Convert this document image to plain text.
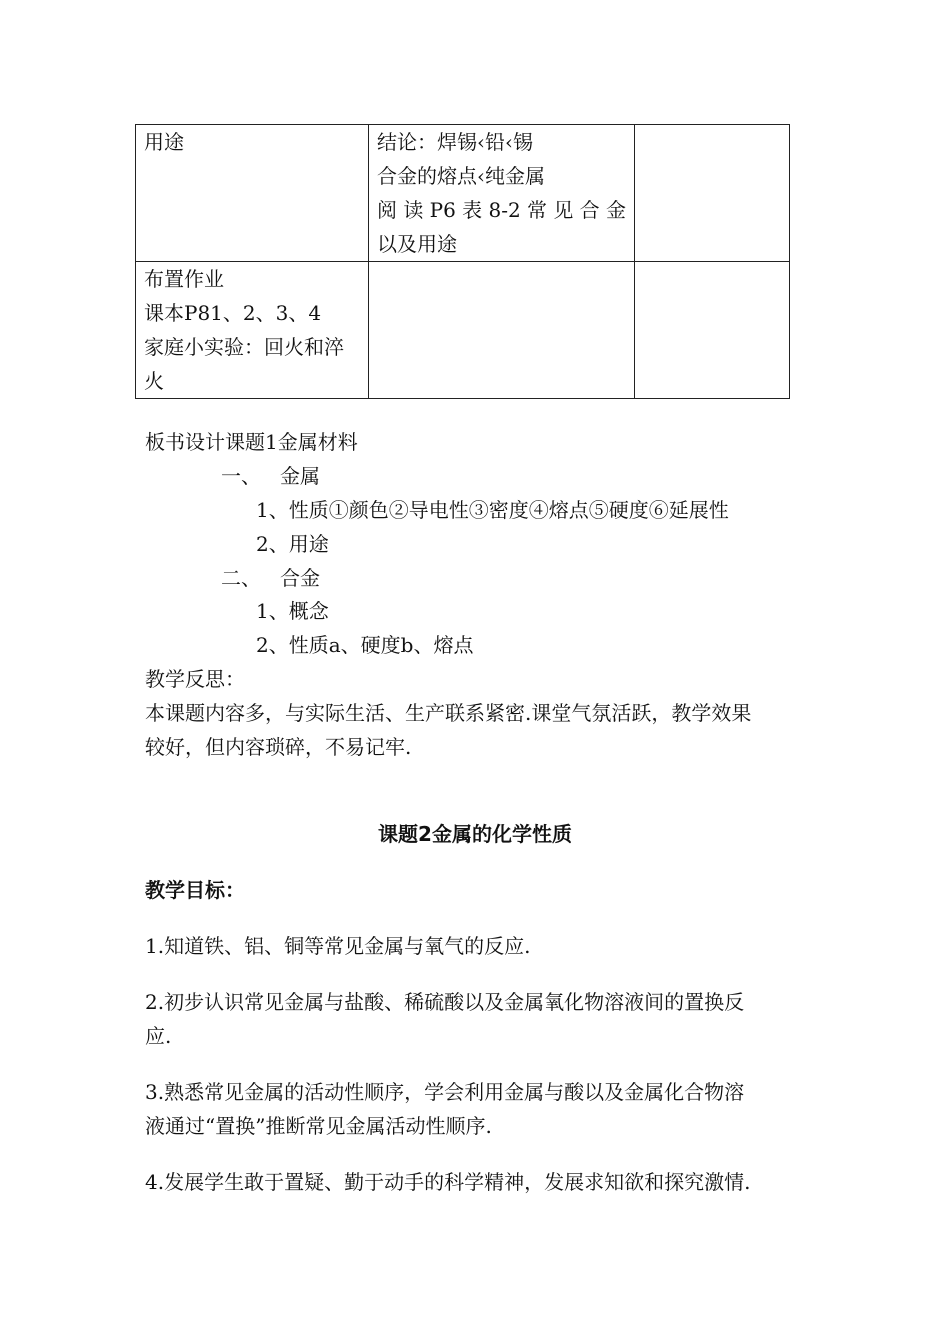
用途	结论：焊锡‹铅‹锡
合金的熔点‹纯金属
阅读P6表8-2常见合金
以及用途	

布置作业
课本P81、2、3、4
家庭小实验：回火和淬
火		

板书设计课题1金属材料
一、 金属
1、性质①颜色②导电性③密度④熔点⑤硬度⑥延展性
2、用途
二、 合金
1、概念
2、性质a、硬度b、熔点
教学反思：
本课题内容多，与实际生活、生产联系紧密.课堂气氛活跃，教学效果
较好，但内容琐碎，不易记牢.
课题2金属的化学性质
教学目标：
1.知道铁、铝、铜等常见金属与氧气的反应.
2.初步认识常见金属与盐酸、稀硫酸以及金属氧化物溶液间的置换反
应.
3.熟悉常见金属的活动性顺序，学会利用金属与酸以及金属化合物溶
液通过“置换”推断常见金属活动性顺序.
4.发展学生敢于置疑、勤于动手的科学精神，发展求知欲和探究激情.
